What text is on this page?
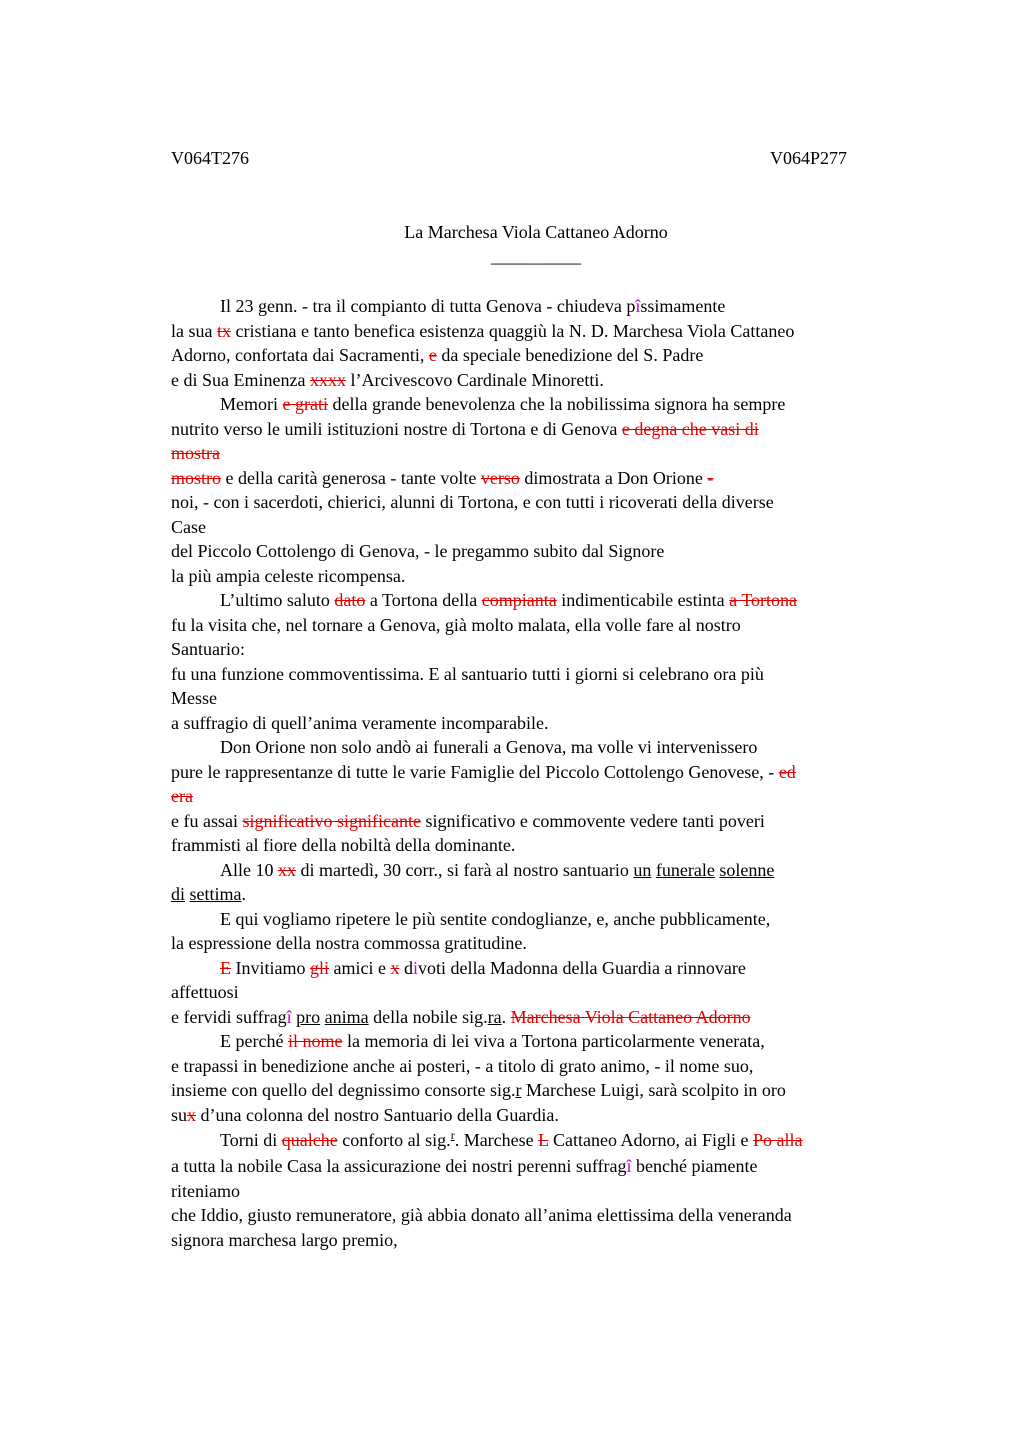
V064T276	V064P277
La Marchesa Viola Cattaneo Adorno
__________
Il 23 genn. - tra il compianto di tutta Genova - chiudeva pîssimamente
la sua tx cristiana e tanto benefica esistenza quaggiù la N. D. Marchesa Viola Cattaneo
Adorno, confortata dai Sacramenti, e da speciale benedizione del S. Padre
e di Sua Eminenza xxxx l’Arcivescovo Cardinale Minoretti.
Memori e grati della grande benevolenza che la nobilissima signora ha sempre
nutrito verso le umili istituzioni nostre di Tortona e di Genova e degna che vasi di
mostra
mostro e della carità generosa - tante volte verso dimostrata a Don Orione -
noi, - con i sacerdoti, chierici, alunni di Tortona, e con tutti i ricoverati della diverse
Case
del Piccolo Cottolengo di Genova, - le pregammo subito dal Signore
la più ampia celeste ricompensa.
L’ultimo saluto dato a Tortona della compianta indimenticabile estinta a Tortona
fu la visita che, nel tornare a Genova, già molto malata, ella volle fare al nostro
Santuario:
fu una funzione commoventissima. E al santuario tutti i giorni si celebrano ora più
Messe
a suffragio di quell’anima veramente incomparabile.
Don Orione non solo andò ai funerali a Genova, ma volle vi intervenissero
pure le rappresentanze di tutte le varie Famiglie del Piccolo Cottolengo Genovese, - ed
era
e fu assai significativo significante significativo e commovente vedere tanti poveri
frammisti al fiore della nobiltà della dominante.
Alle 10 xx di martedì, 30 corr., si farà al nostro santuario un funerale solenne
di settima.
E qui vogliamo ripetere le più sentite condoglianze, e, anche pubblicamente,
la espressione della nostra commossa gratitudine.
E Invitiamo gli amici e x divoti della Madonna della Guardia a rinnovare
affettuosi
e fervidi suffragî pro anima della nobile sig.ra. Marchesa Viola Cattaneo Adorno
E perché il nome la memoria di lei viva a Tortona particolarmente venerata,
e trapassi in benedizione anche ai posteri, - a titolo di grato animo, - il nome suo,
insieme con quello del degnissimo consorte sig.r Marchese Luigi, sarà scolpito in oro
sux d’una colonna del nostro Santuario della Guardia.
Torni di qualche conforto al sig.$^r$. Marchese L Cattaneo Adorno, ai Figli e Po alla
a tutta la nobile Casa la assicurazione dei nostri perenni suffragî benché piamente
riteniamo
che Iddio, giusto remuneratore, già abbia donato all’anima elettissima della veneranda
signora marchesa largo premio,
